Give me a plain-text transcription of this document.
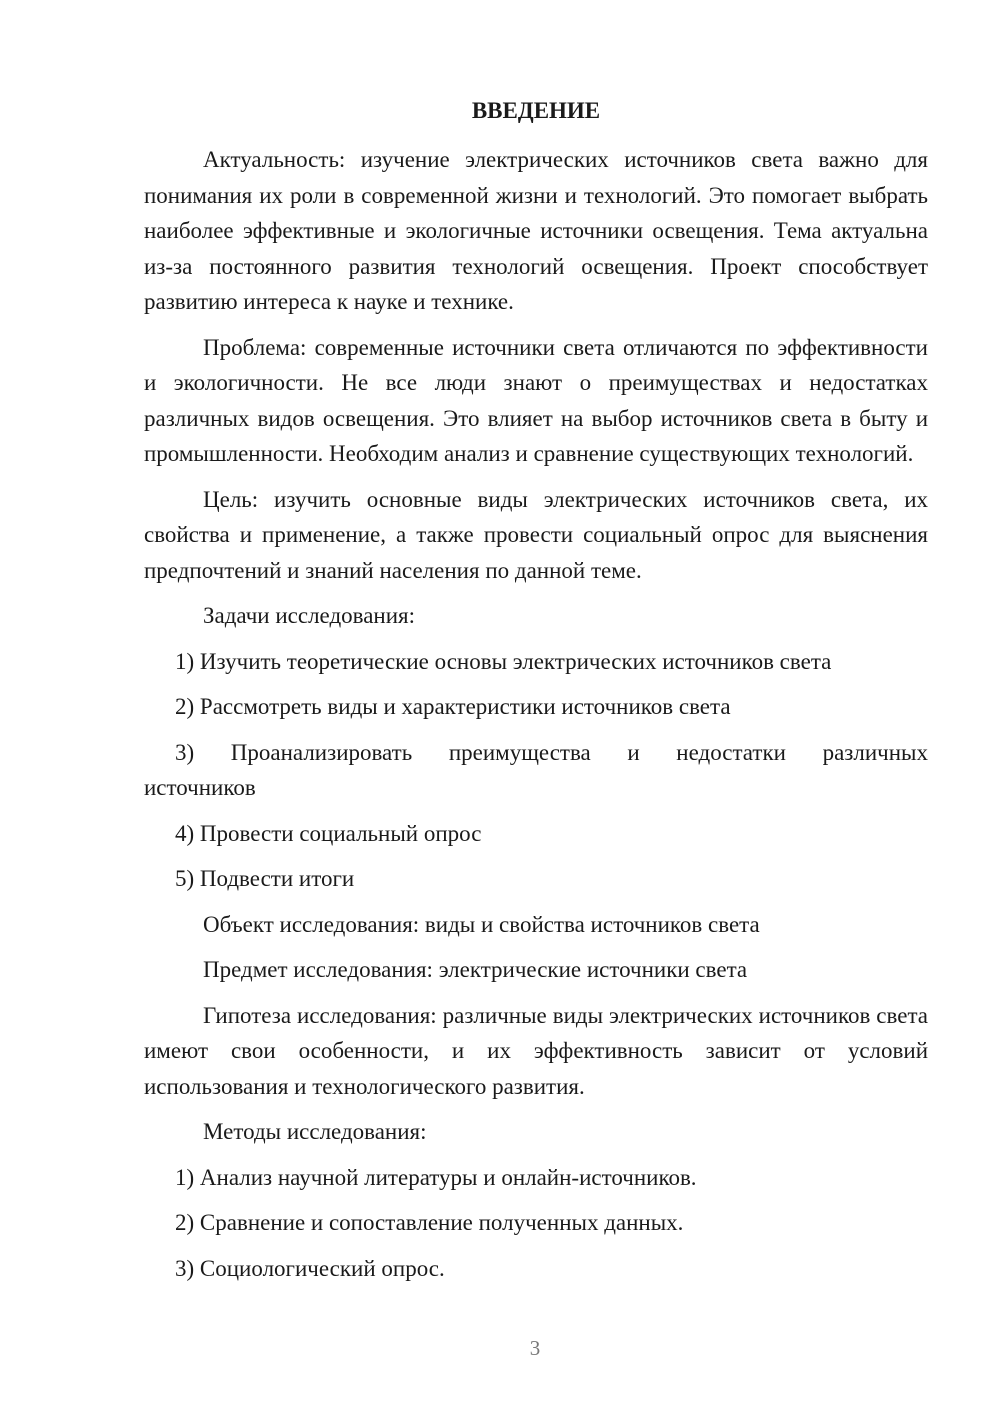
ВВЕДЕНИЕ

Актуальность: изучение электрических источников света важно для понимания их роли в современной жизни и технологий. Это помогает выбрать наиболее эффективные и экологичные источники освещения. Тема актуальна из-за постоянного развития технологий освещения. Проект способствует развитию интереса к науке и технике.

Проблема: современные источники света отличаются по эффективности и экологичности. Не все люди знают о преимуществах и недостатках различных видов освещения. Это влияет на выбор источников света в быту и промышленности. Необходим анализ и сравнение существующих технологий.

Цель: изучить основные виды электрических источников света, их свойства и применение, а также провести социальный опрос для выяснения предпочтений и знаний населения по данной теме.

Задачи исследования:

1) Изучить теоретические основы электрических источников света

2) Рассмотреть виды и характеристики источников света

3) Проанализировать преимущества и недостатки различных источников

4) Провести социальный опрос

5) Подвести итоги

Объект исследования: виды и свойства источников света

Предмет исследования: электрические источники света

Гипотеза исследования: различные виды электрических источников света имеют свои особенности, и их эффективность зависит от условий использования и технологического развития.

Методы исследования:

1) Анализ научной литературы и онлайн-источников.

2) Сравнение и сопоставление полученных данных.

3) Социологический опрос.

3
